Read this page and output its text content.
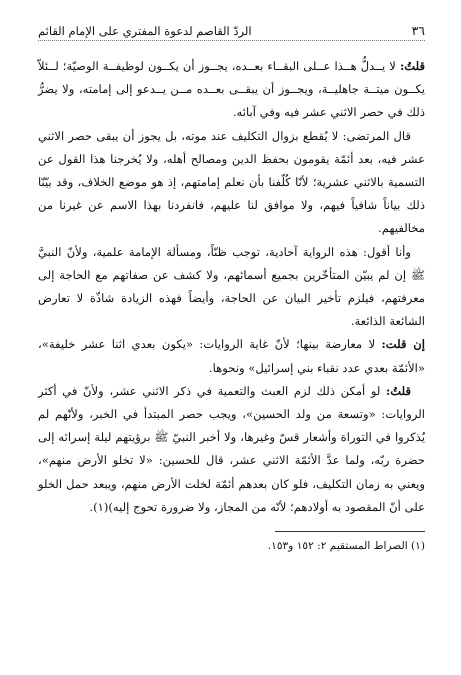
٣٦
الردّ القاصم لدعوة المفتري على الإمام القائم

قلتُ: لا يــدلُّ هــذا عــلى البقــاء بعــده، يجــوز أن يكــون لوظيفــة الوصيّة؛ لــئلاّ يكــون ميتــة جاهليــة، ويجــوز أن يبقــى بعــده مــن يــدعو إلى إمامته، ولا يضرُّ ذلك في حصر الاثني عشر فيه وفي آبائه.

قال المرتضى: لا يُقطع بزوال التكليف عند موته، بل يجوز أن يبقى حصر الاثني عشر فيه، بعد أئمّة يقومون بحفظ الدين ومصالح أهله، ولا يُخرجنا هذا القول عن التسمية بالاثني عشرية؛ لأنّا كُلّفنا بأن نعلم إمامتهم، إذ هو موضع الخلاف، وقد بيّنّا ذلك بياناً شافياً فيهم، ولا موافق لنا عليهم، فانفردنا بهذا الاسم عن غيرنا من مخالفيهم.

وأنا أقول: هذه الرواية آحادية، توجب ظنّاً، ومسألة الإمامة علمية، ولأنّ النبيَّ ﷺ إن لم يبيّن المتأخّرين بجميع أسمائهم، ولا كشف عن صفاتهم مع الحاجة إلى معرفتهم، فيلزم تأخير البيان عن الحاجة، وأيضاً فهذه الزيادة شاذّة لا تعارض الشائعة الذائعة.

إن قلت: لا معارضة بينها؛ لأنّ غاية الروايات: «يكون بعدي اثنا عشر خليفة»، «الأئمّة بعدي عدد نقباء بني إسرائيل» ونحوها.

قلتُ: لو أمكن ذلك لزم العبث والتعمية في ذكر الاثني عشر، ولأنّ في أكثر الروايات: «وتسعة من ولد الحسين»، ويجب حصر المبتدأ في الخبر، ولأنّهم لم يُذكروا في التوراة وأشعار قسّ وغيرها، ولا أخبر النبيّ ﷺ برؤيتهم ليلة إسرائه إلى حضرة ربّه، ولما عدَّ الأئمّة الاثني عشر، قال للحسين: «لا تخلو الأرض منهم»، ويعني به زمان التكليف، فلو كان بعدهم أئمّة لخلت الأرض منهم، ويبعد حمل الخلو على أنّ المقصود به أولادهم؛ لأنّه من المجاز، ولا ضرورة تحوج إليه)(١).

(١) الصراط المستقيم ٢: ١٥٢ و١٥٣.
